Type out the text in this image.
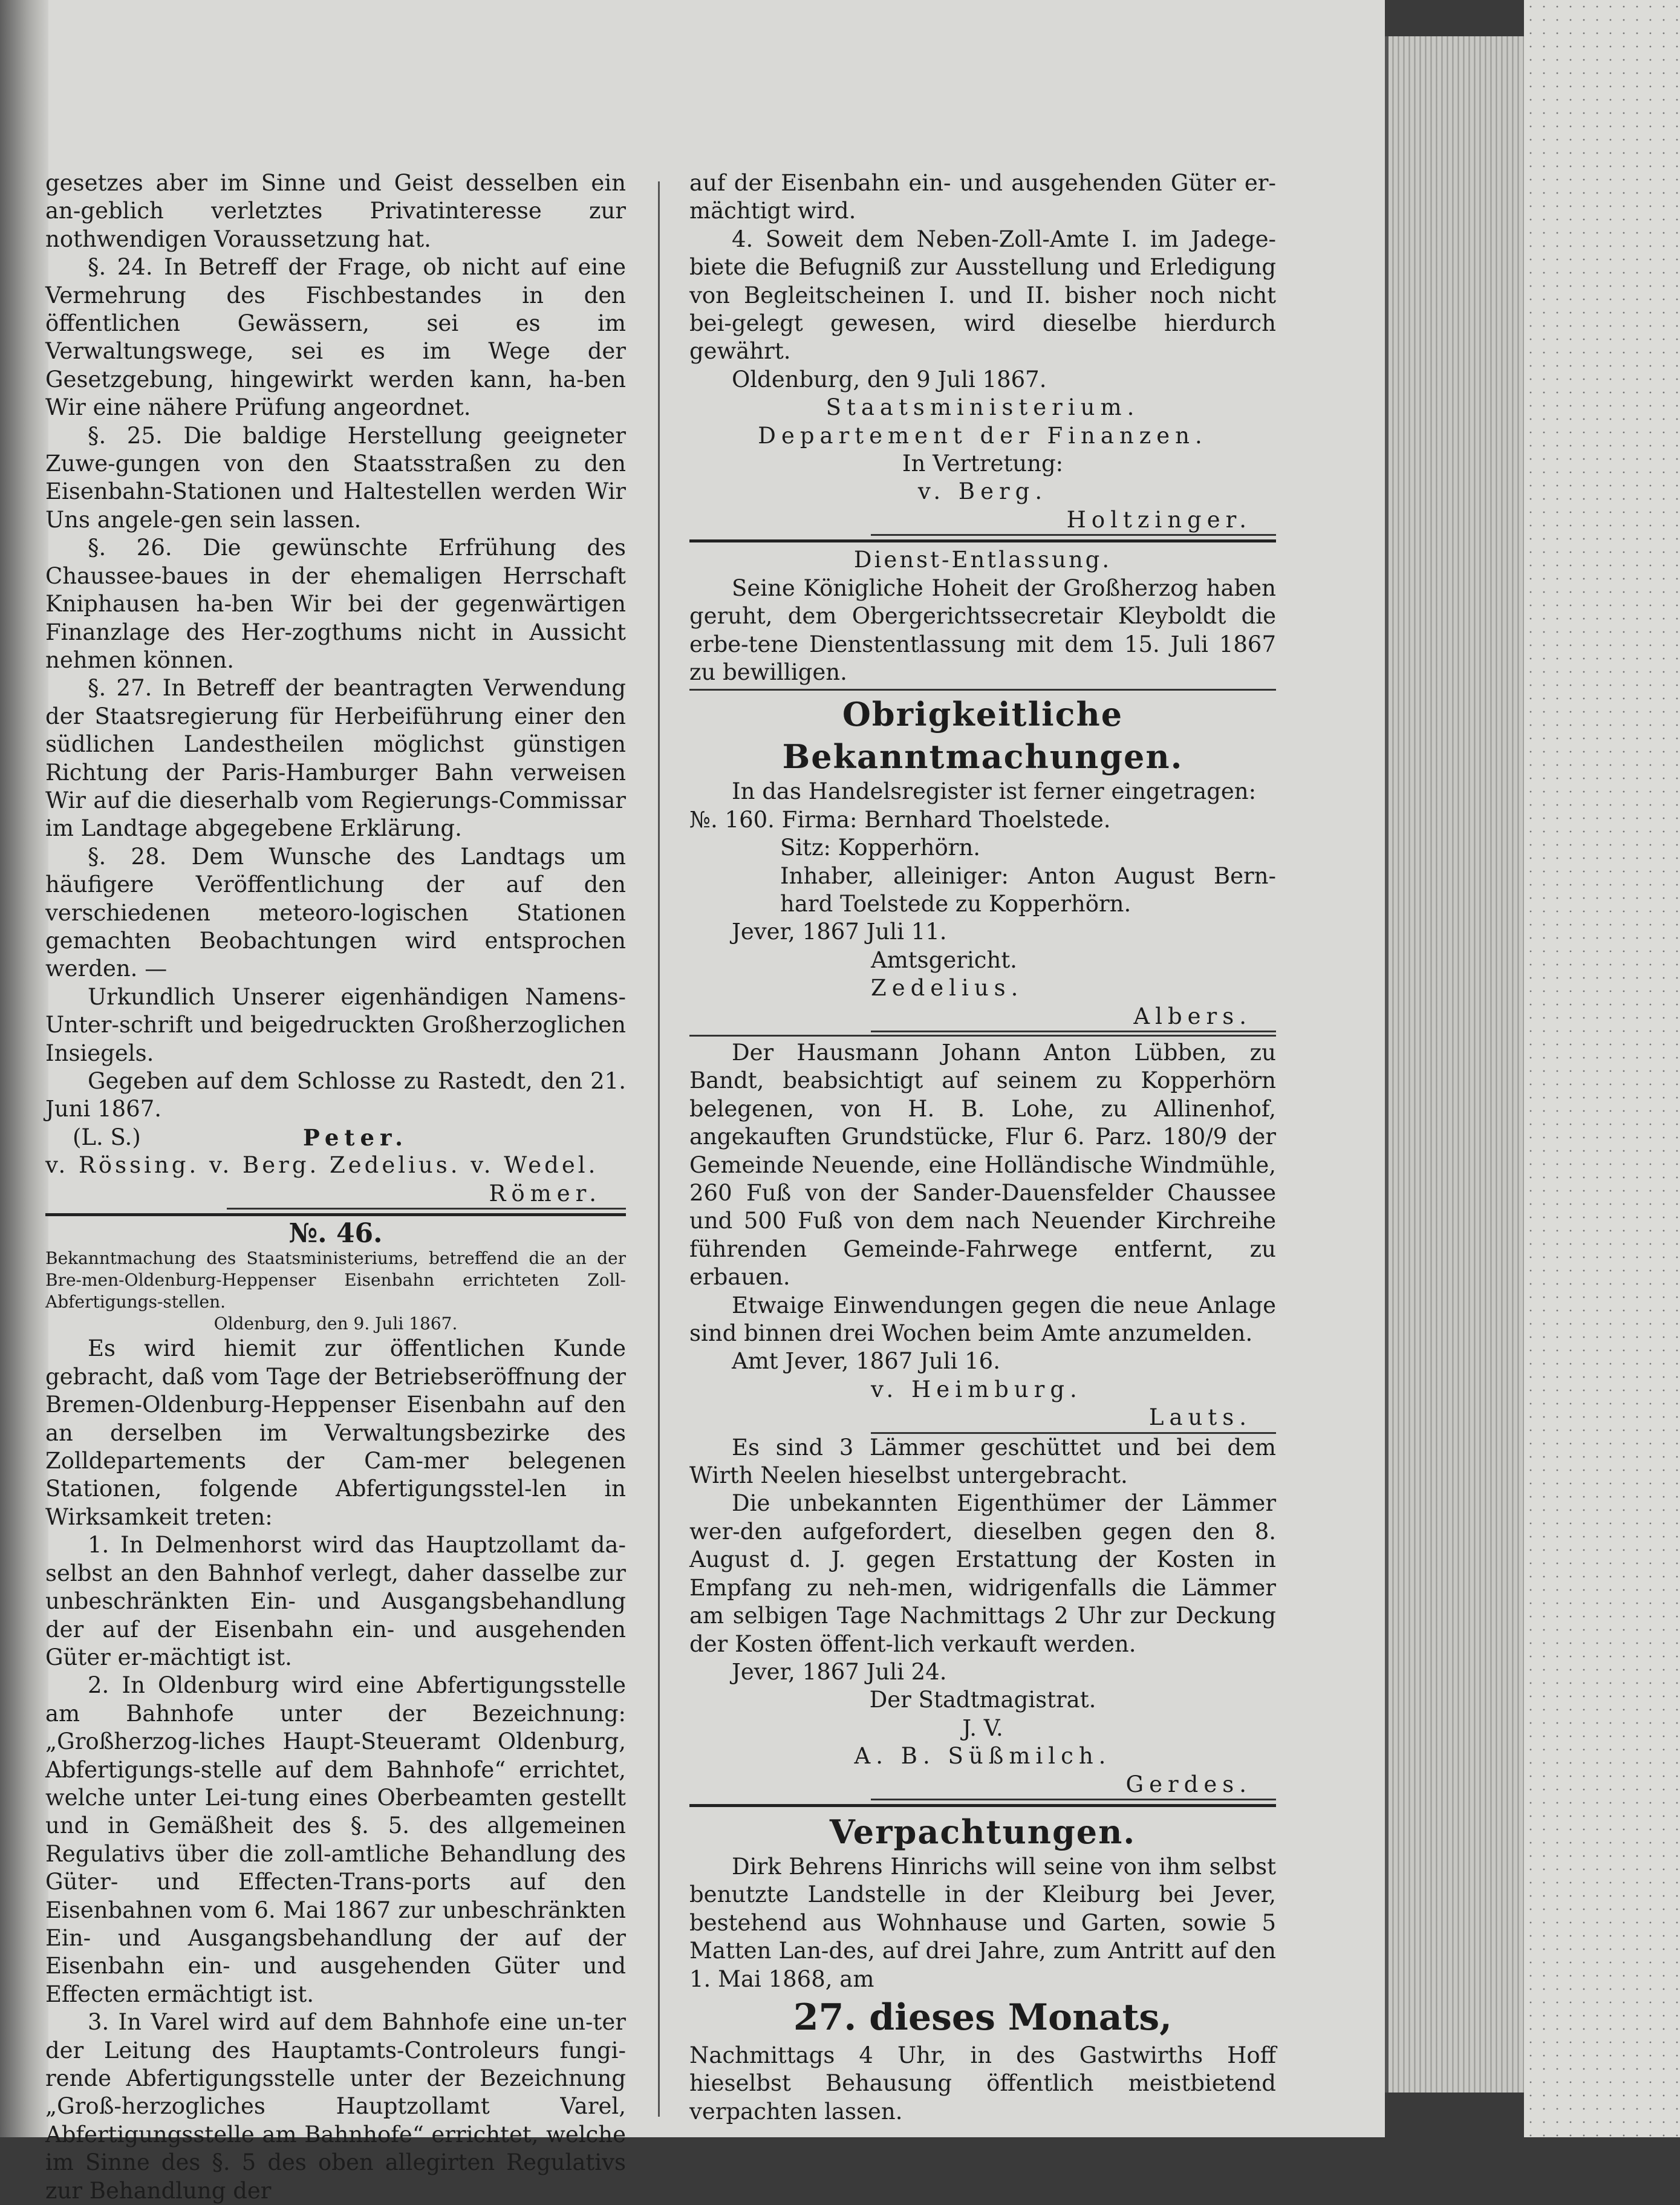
gesetzes aber im Sinne und Geist desselben ein an-geblich verletztes Privatinteresse zur nothwendigen Voraussetzung hat.

§. 24. In Betreff der Frage, ob nicht auf eine Vermehrung des Fischbestandes in den öffentlichen Gewässern, sei es im Verwaltungswege, sei es im Wege der Gesetzgebung, hingewirkt werden kann, ha-ben Wir eine nähere Prüfung angeordnet.

§. 25. Die baldige Herstellung geeigneter Zuwe-gungen von den Staatsstraßen zu den Eisenbahn-Stationen und Haltestellen werden Wir Uns angele-gen sein lassen.

§. 26. Die gewünschte Erfrühung des Chaussee-baues in der ehemaligen Herrschaft Kniphausen ha-ben Wir bei der gegenwärtigen Finanzlage des Her-zogthums nicht in Aussicht nehmen können.

§. 27. In Betreff der beantragten Verwendung der Staatsregierung für Herbeiführung einer den südlichen Landestheilen möglichst günstigen Richtung der Paris-Hamburger Bahn verweisen Wir auf die dieserhalb vom Regierungs-Commissar im Landtage abgegebene Erklärung.

§. 28. Dem Wunsche des Landtags um häufigere Veröffentlichung der auf den verschiedenen meteoro-logischen Stationen gemachten Beobachtungen wird entsprochen werden. —

Urkundlich Unserer eigenhändigen Namens-Unter-schrift und beigedruckten Großherzoglichen Insiegels.

Gegeben auf dem Schlosse zu Rastedt, den 21. Juni 1867.

(L. S.)	Peter.

v. Rössing. v. Berg. Zedelius. v. Wedel.

Römer.

№. 46.

Bekanntmachung des Staatsministeriums, betreffend die an der Bre-men-Oldenburg-Heppenser Eisenbahn errichteten Zoll-Abfertigungs-stellen.

Oldenburg, den 9. Juli 1867.

Es wird hiemit zur öffentlichen Kunde gebracht, daß vom Tage der Betriebseröffnung der Bremen-Oldenburg-Heppenser Eisenbahn auf den an derselben im Verwaltungsbezirke des Zolldepartements der Cam-mer belegenen Stationen, folgende Abfertigungsstel-len in Wirksamkeit treten:

1. In Delmenhorst wird das Hauptzollamt da-selbst an den Bahnhof verlegt, daher dasselbe zur unbeschränkten Ein- und Ausgangsbehandlung der auf der Eisenbahn ein- und ausgehenden Güter er-mächtigt ist.

2. In Oldenburg wird eine Abfertigungsstelle am Bahnhofe unter der Bezeichnung: „Großherzog-liches Haupt-Steueramt Oldenburg, Abfertigungs-stelle auf dem Bahnhofe“ errichtet, welche unter Lei-tung eines Oberbeamten gestellt und in Gemäßheit des §. 5. des allgemeinen Regulativs über die zoll-amtliche Behandlung des Güter- und Effecten-Trans-ports auf den Eisenbahnen vom 6. Mai 1867 zur unbeschränkten Ein- und Ausgangsbehandlung der auf der Eisenbahn ein- und ausgehenden Güter und Effecten ermächtigt ist.

3. In Varel wird auf dem Bahnhofe eine un-ter der Leitung des Hauptamts-Controleurs fungi-rende Abfertigungsstelle unter der Bezeichnung „Groß-herzogliches Hauptzollamt Varel, Abfertigungsstelle am Bahnhofe“ errichtet, welche im Sinne des §. 5 des oben allegirten Regulativs zur Behandlung der

auf der Eisenbahn ein- und ausgehenden Güter er-mächtigt wird.

4. Soweit dem Neben-Zoll-Amte I. im Jadege-biete die Befugniß zur Ausstellung und Erledigung von Begleitscheinen I. und II. bisher noch nicht bei-gelegt gewesen, wird dieselbe hierdurch gewährt.

Oldenburg, den 9 Juli 1867.

Staatsministerium.

Departement der Finanzen.

In Vertretung:

v. Berg.

Holtzinger.

Dienst-Entlassung.

Seine Königliche Hoheit der Großherzog haben geruht, dem Obergerichtssecretair Kleyboldt die erbe-tene Dienstentlassung mit dem 15. Juli 1867 zu bewilligen.

Obrigkeitliche Bekanntmachungen.

In das Handelsregister ist ferner eingetragen:

№. 160. Firma: Bernhard Thoelstede.

Sitz: Kopperhörn.

Inhaber, alleiniger: Anton August Bern-hard Toelstede zu Kopperhörn.

Jever, 1867 Juli 11.

Amtsgericht.

Zedelius.

Albers.

Der Hausmann Johann Anton Lübben, zu Bandt, beabsichtigt auf seinem zu Kopperhörn belegenen, von H. B. Lohe, zu Allinenhof, angekauften Grundstücke, Flur 6. Parz. 180/9 der Gemeinde Neuende, eine Holländische Windmühle, 260 Fuß von der Sander-Dauensfelder Chaussee und 500 Fuß von dem nach Neuender Kirchreihe führenden Gemeinde-Fahrwege entfernt, zu erbauen.

Etwaige Einwendungen gegen die neue Anlage sind binnen drei Wochen beim Amte anzumelden.

Amt Jever, 1867 Juli 16.

v. Heimburg.

Lauts.

Es sind 3 Lämmer geschüttet und bei dem Wirth Neelen hieselbst untergebracht.

Die unbekannten Eigenthümer der Lämmer wer-den aufgefordert, dieselben gegen den 8. August d. J. gegen Erstattung der Kosten in Empfang zu neh-men, widrigenfalls die Lämmer am selbigen Tage Nachmittags 2 Uhr zur Deckung der Kosten öffent-lich verkauft werden.

Jever, 1867 Juli 24.

Der Stadtmagistrat.

J. V.

A. B. Süßmilch.

Gerdes.

Verpachtungen.

Dirk Behrens Hinrichs will seine von ihm selbst benutzte Landstelle in der Kleiburg bei Jever, bestehend aus Wohnhause und Garten, sowie 5 Matten Lan-des, auf drei Jahre, zum Antritt auf den 1. Mai 1868, am

27. dieses Monats,

Nachmittags 4 Uhr, in des Gastwirths Hoff hieselbst Behausung öffentlich meistbietend verpachten lassen.
